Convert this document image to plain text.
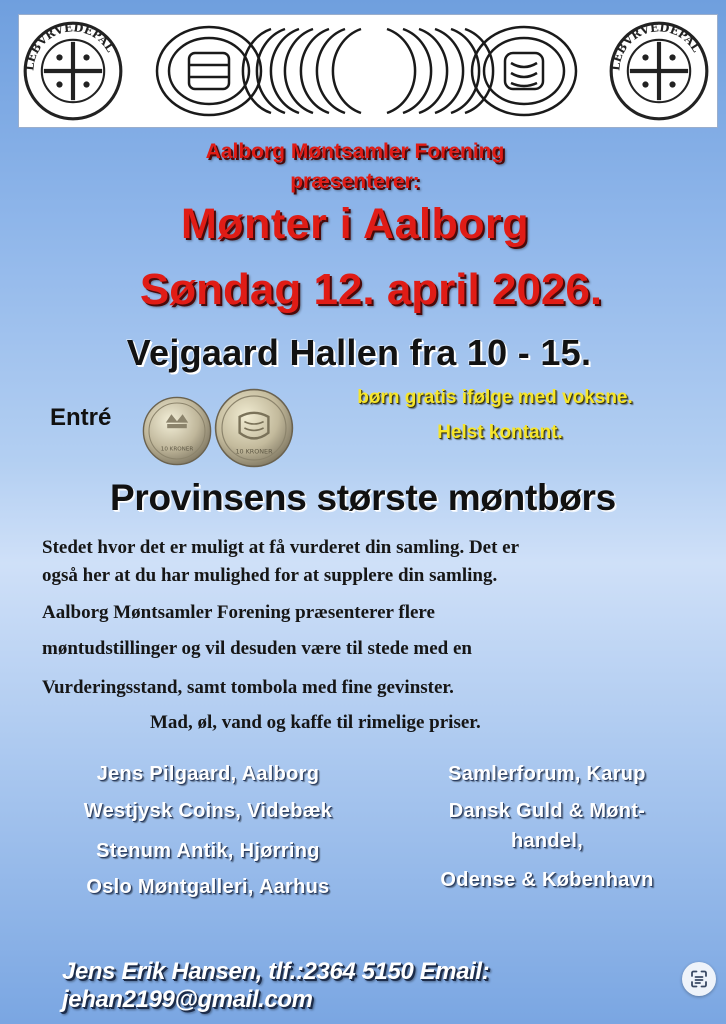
LEBVRVEDEPAL
LEBVRVEDEPAL
Aalborg Møntsamler Forening
præsenterer:
Mønter i Aalborg
Søndag 12. april 2026.
Vejgaard Hallen fra 10 - 15.
Entré
10 KRONER	10 KRONER
børn gratis ifølge med voksne.
Helst kontant.
Provinsens største møntbørs
Stedet hvor det er muligt at få vurderet din samling. Det er
også her at du har mulighed for at supplere din samling.
Aalborg Møntsamler Forening præsenterer flere
møntudstillinger og vil desuden være til stede med en
Vurderingsstand, samt tombola med fine gevinster.
Mad, øl, vand og kaffe til rimelige priser.
Jens Pilgaard, Aalborg
Westjysk Coins, Videbæk
Stenum Antik, Hjørring
Oslo Møntgalleri, Aarhus
Samlerforum, Karup
Dansk Guld & Mønt-
handel,
Odense & København
Jens Erik Hansen, tlf.:2364 5150 Email: jehan2199@gmail.com
